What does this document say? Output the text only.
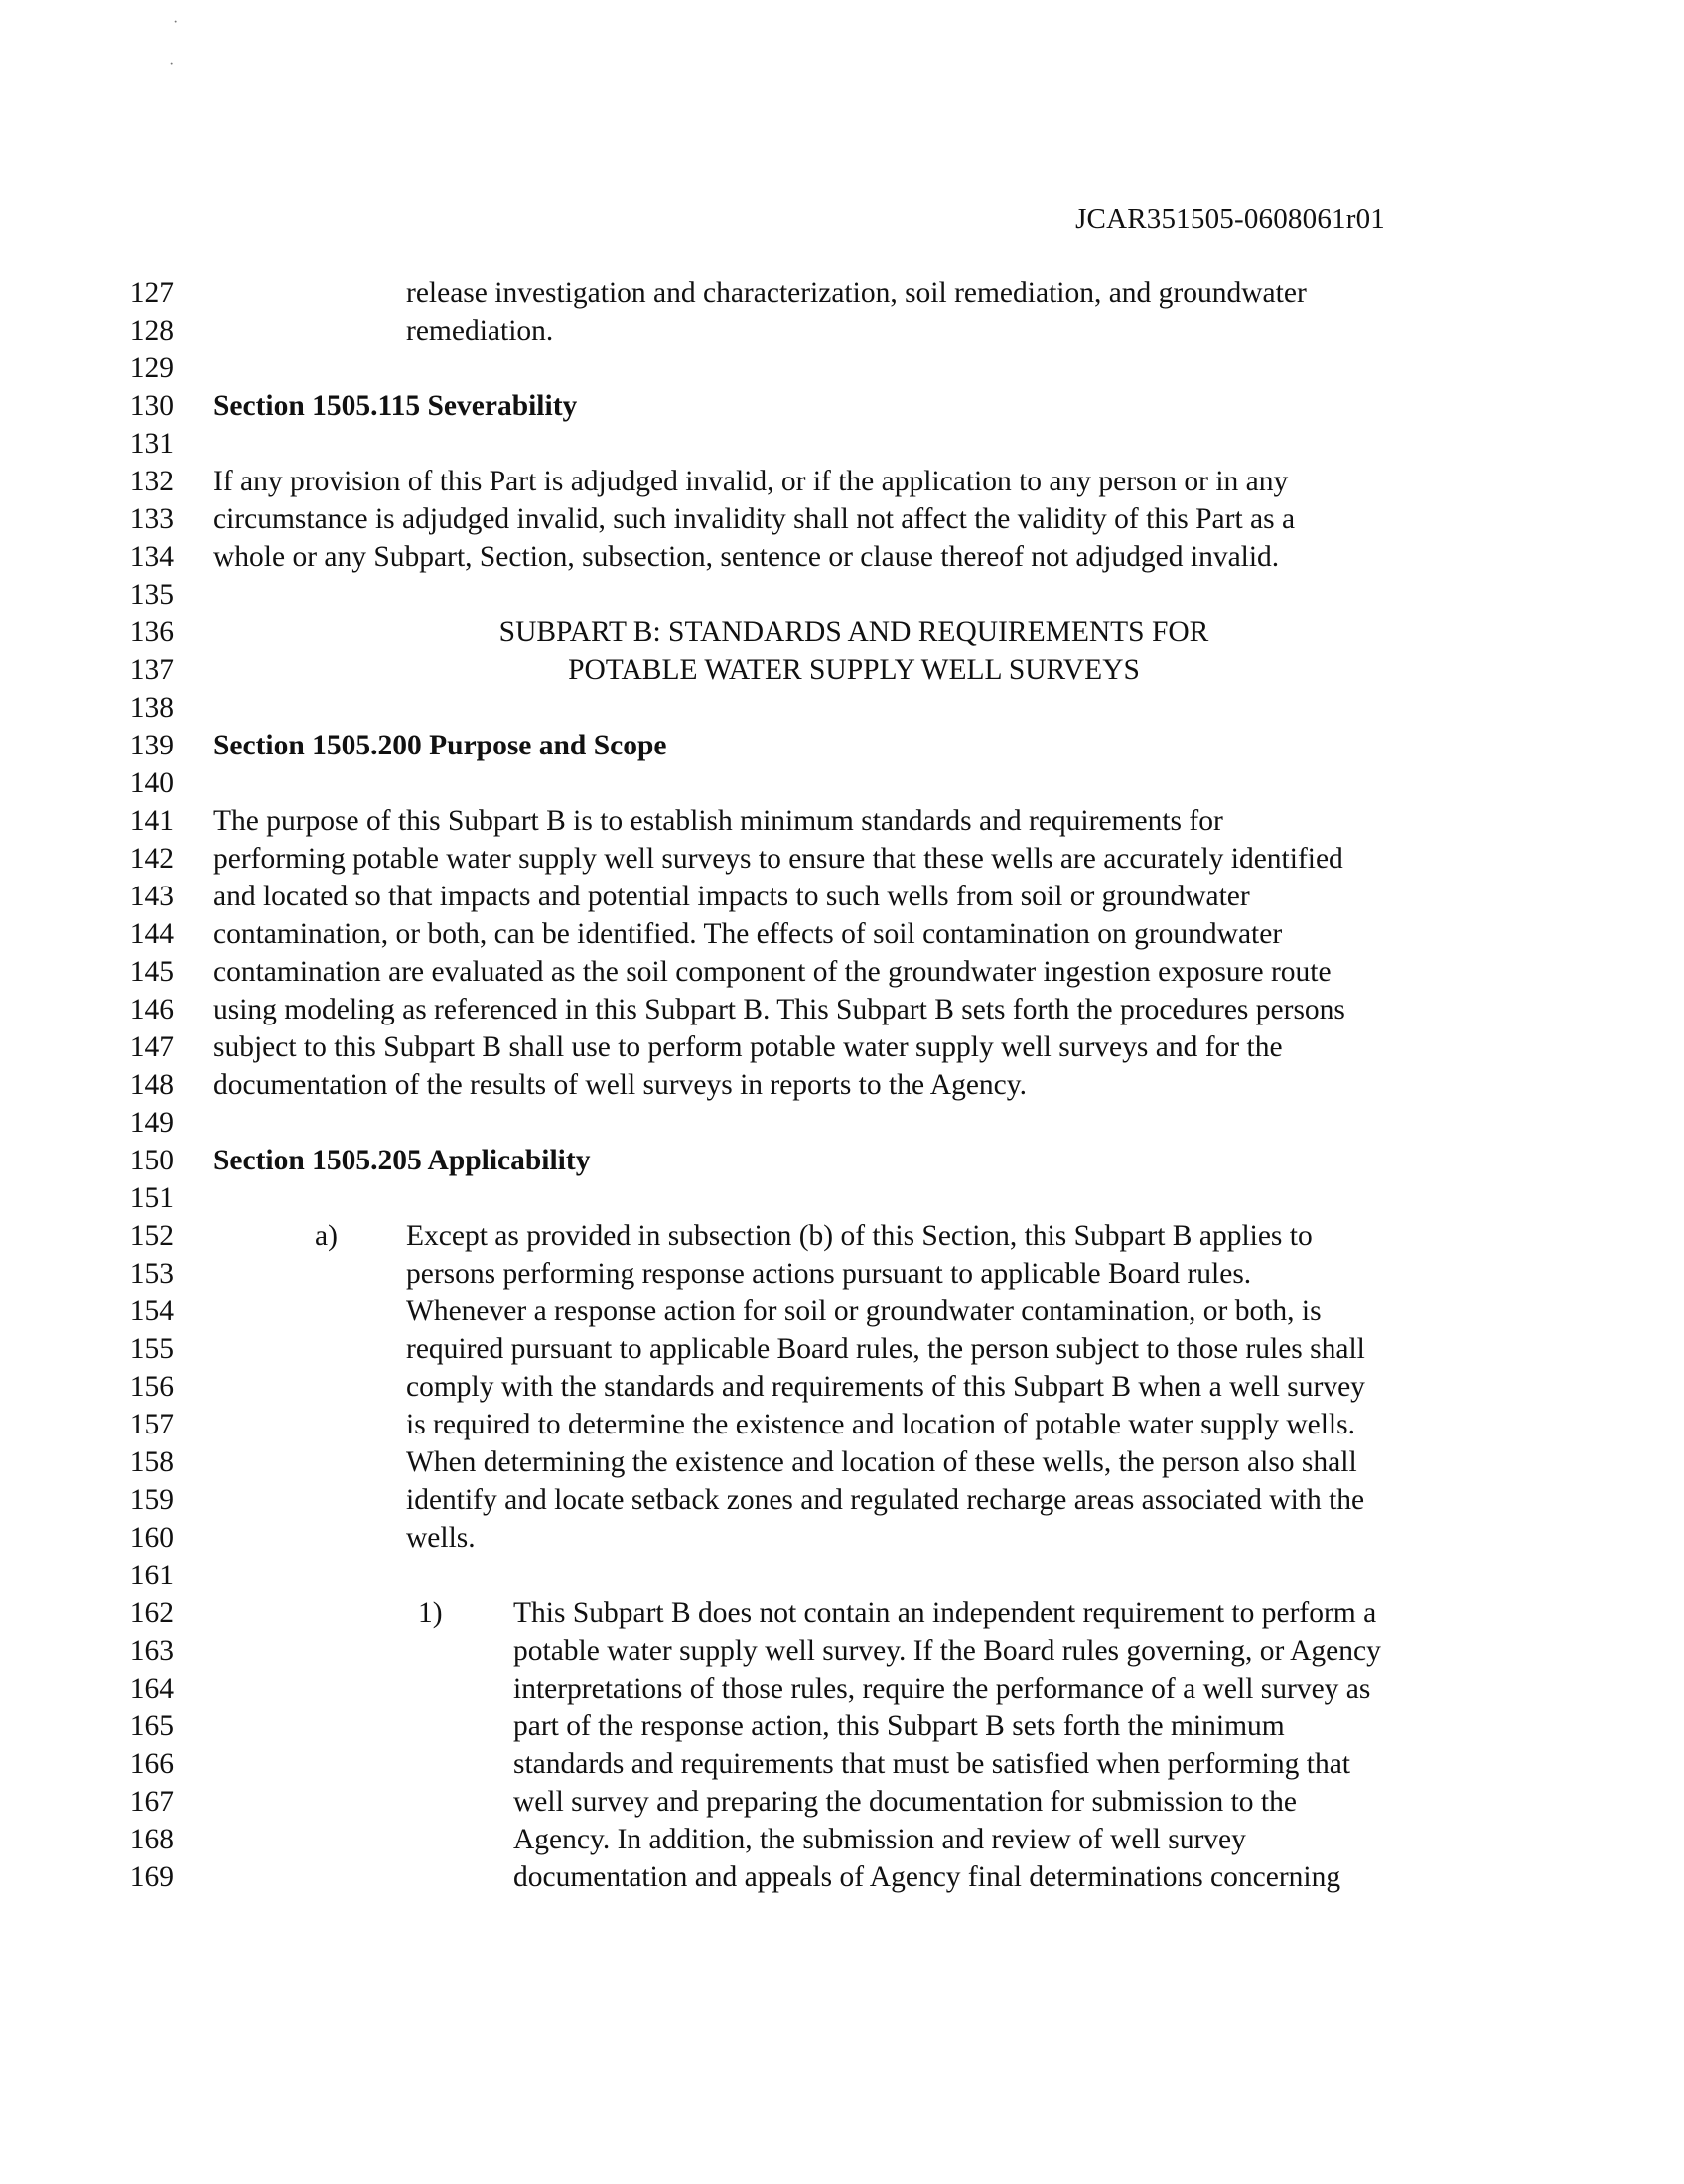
·
·
JCAR351505-0608061r01
127	release investigation and characterization, soil remediation, and groundwater
128	remediation.
129
130 Section 1505.115 Severability
131
132 If any provision of this Part is adjudged invalid, or if the application to any person or in any
133 circumstance is adjudged invalid, such invalidity shall not affect the validity of this Part as a
134 whole or any Subpart, Section, subsection, sentence or clause thereof not adjudged invalid.
135
136	SUBPART B: STANDARDS AND REQUIREMENTS FOR
137	POTABLE WATER SUPPLY WELL SURVEYS
138
139 Section 1505.200 Purpose and Scope
140
141 The purpose of this Subpart B is to establish minimum standards and requirements for
142 performing potable water supply well surveys to ensure that these wells are accurately identified
143 and located so that impacts and potential impacts to such wells from soil or groundwater
144 contamination, or both, can be identified. The effects of soil contamination on groundwater
145 contamination are evaluated as the soil component of the groundwater ingestion exposure route
146 using modeling as referenced in this Subpart B. This Subpart B sets forth the procedures persons
147 subject to this Subpart B shall use to perform potable water supply well surveys and for the
148 documentation of the results of well surveys in reports to the Agency.
149
150 Section 1505.205 Applicability
151
152	a) Except as provided in subsection (b) of this Section, this Subpart B applies to
153	persons performing response actions pursuant to applicable Board rules.
154	Whenever a response action for soil or groundwater contamination, or both, is
155	required pursuant to applicable Board rules, the person subject to those rules shall
156	comply with the standards and requirements of this Subpart B when a well survey
157	is required to determine the existence and location of potable water supply wells.
158	When determining the existence and location of these wells, the person also shall
159	identify and locate setback zones and regulated recharge areas associated with the
160	wells.
161
162	1) This Subpart B does not contain an independent requirement to perform a
163	potable water supply well survey. If the Board rules governing, or Agency
164	interpretations of those rules, require the performance of a well survey as
165	part of the response action, this Subpart B sets forth the minimum
166	standards and requirements that must be satisfied when performing that
167	well survey and preparing the documentation for submission to the
168	Agency. In addition, the submission and review of well survey
169	documentation and appeals of Agency final determinations concerning
